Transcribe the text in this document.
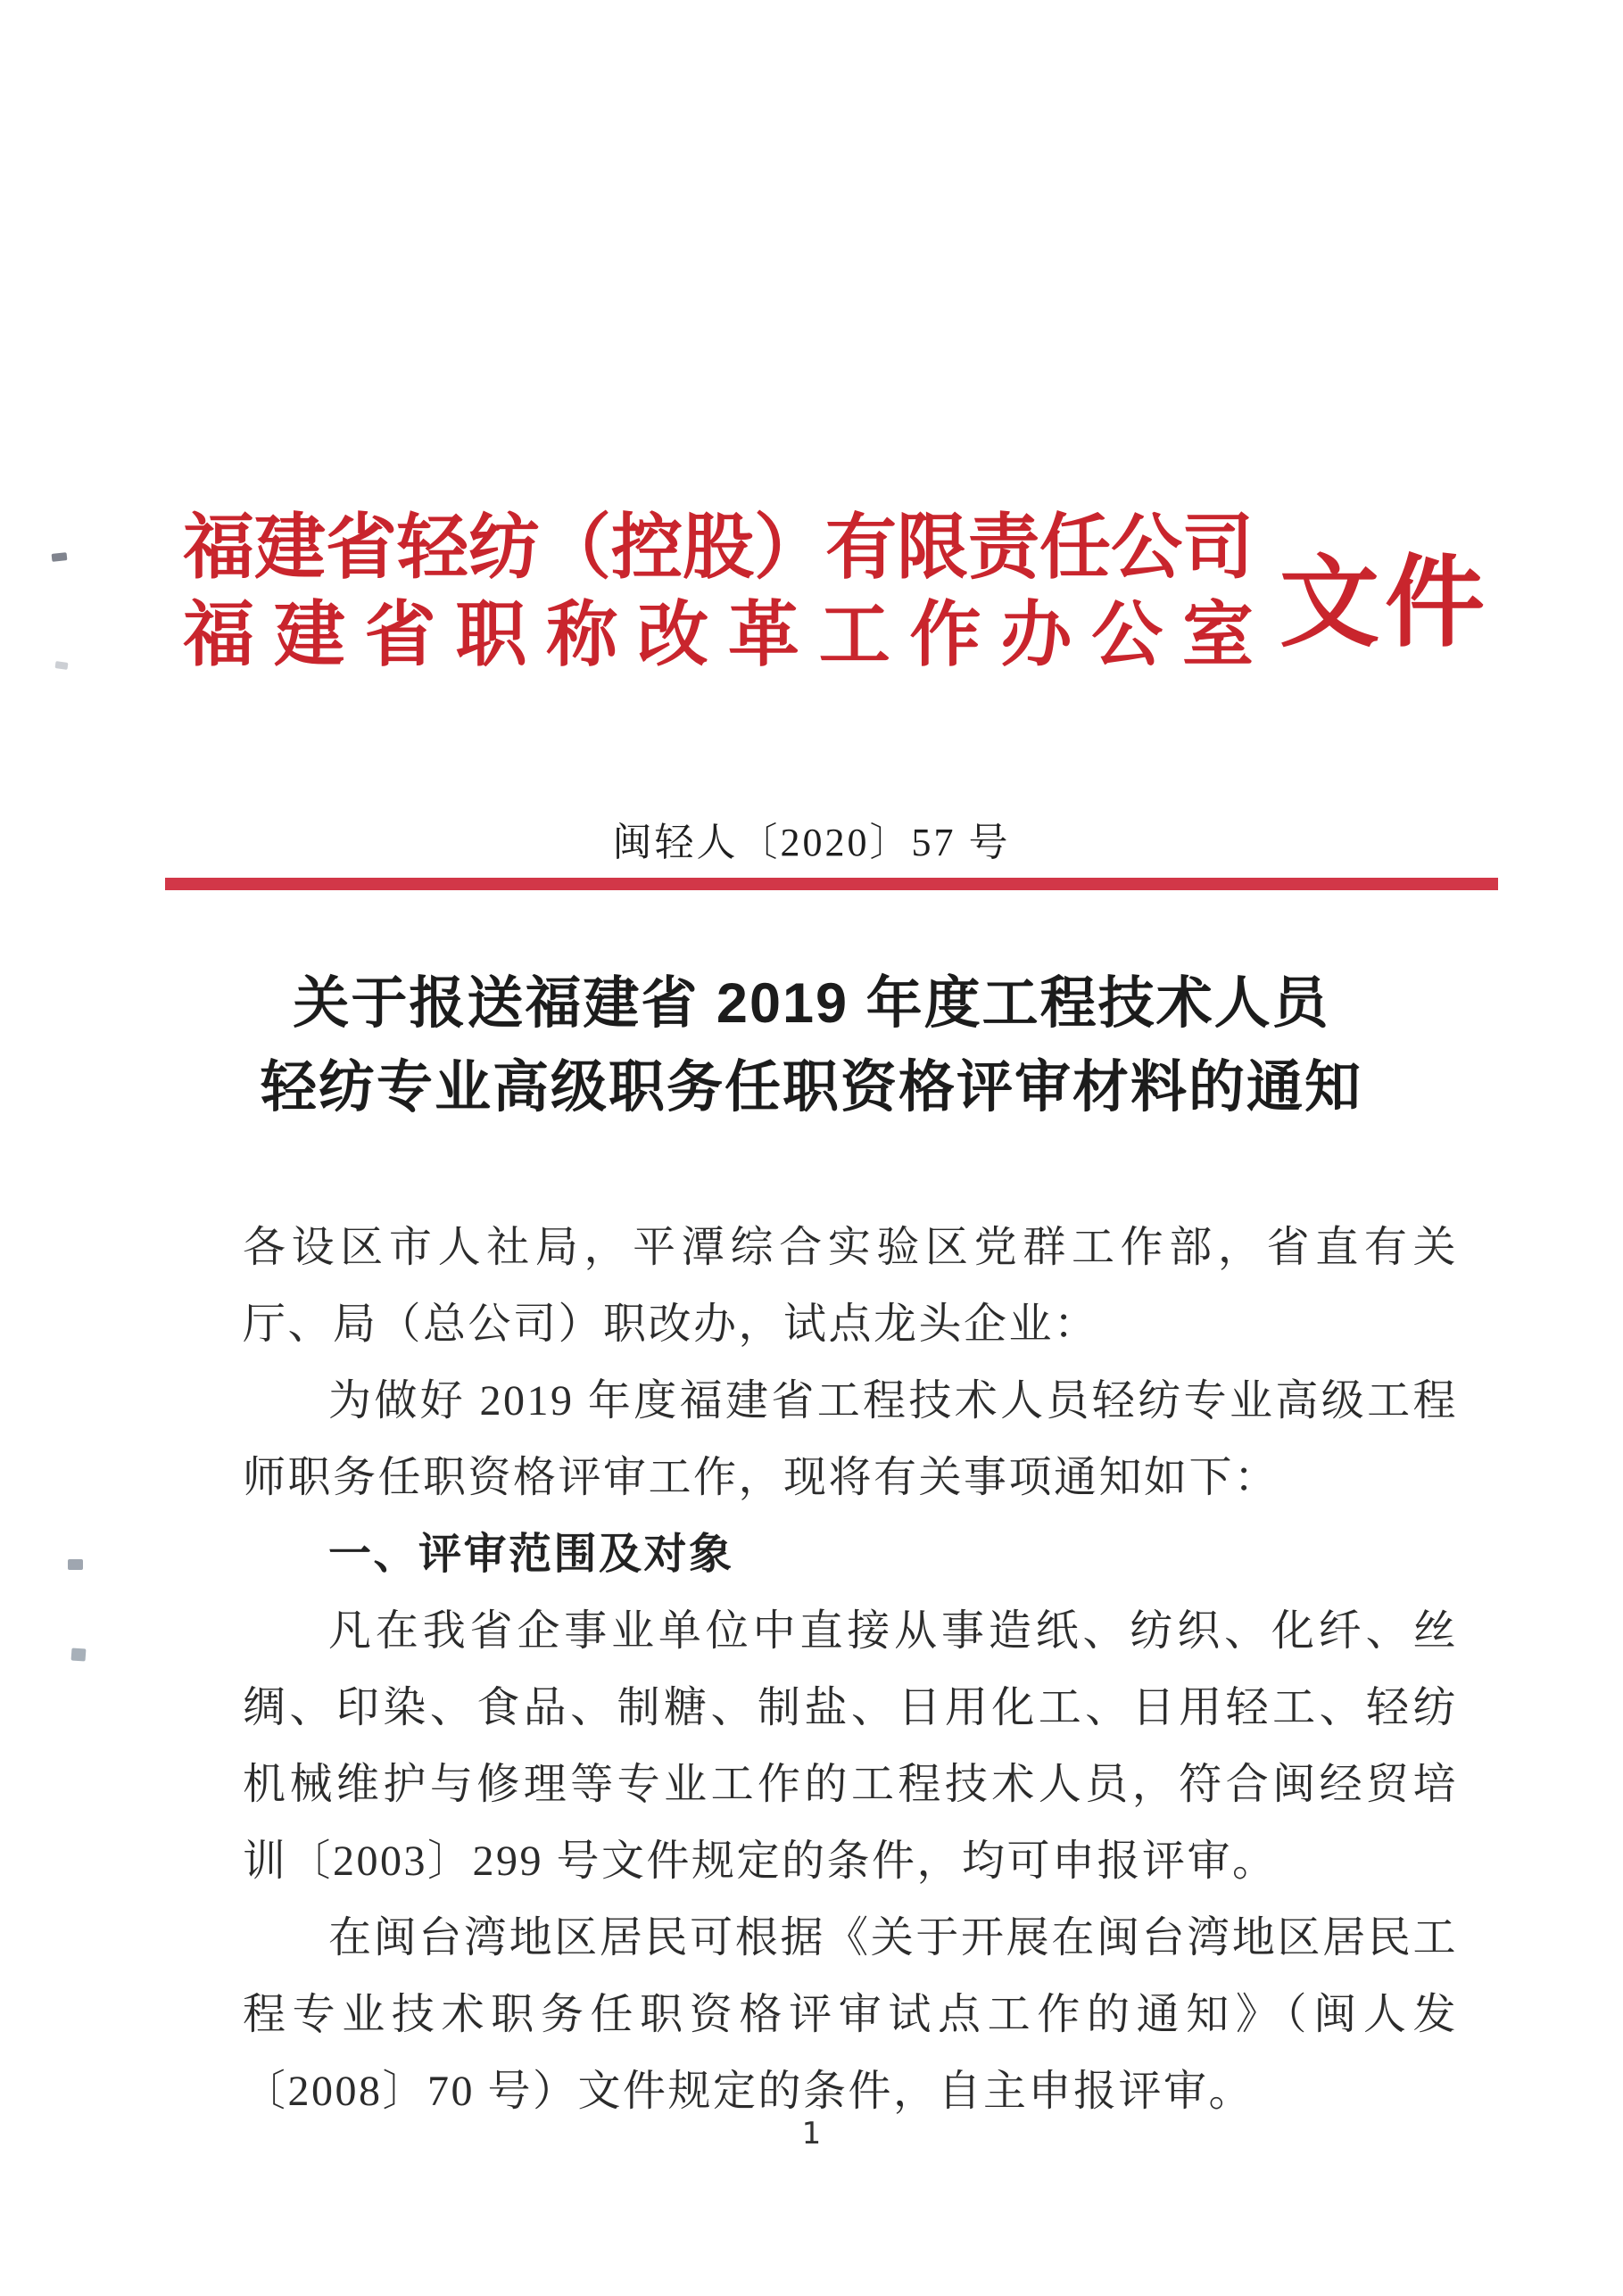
福建省轻纺（控股）有限责任公司
福建省职称改革工作办公室 文件
闽轻人〔2020〕57 号
关于报送福建省 2019 年度工程技术人员
轻纺专业高级职务任职资格评审材料的通知

各设区市人社局，平潭综合实验区党群工作部，省直有关厅、局（总公司）职改办，试点龙头企业：

为做好 2019 年度福建省工程技术人员轻纺专业高级工程师职务任职资格评审工作，现将有关事项通知如下：

一、评审范围及对象

凡在我省企事业单位中直接从事造纸、纺织、化纤、丝绸、印染、食品、制糖、制盐、日用化工、日用轻工、轻纺机械维护与修理等专业工作的工程技术人员，符合闽经贸培训〔2003〕299 号文件规定的条件，均可申报评审。

在闽台湾地区居民可根据《关于开展在闽台湾地区居民工程专业技术职务任职资格评审试点工作的通知》（闽人发〔2008〕70 号）文件规定的条件，自主申报评审。

1
